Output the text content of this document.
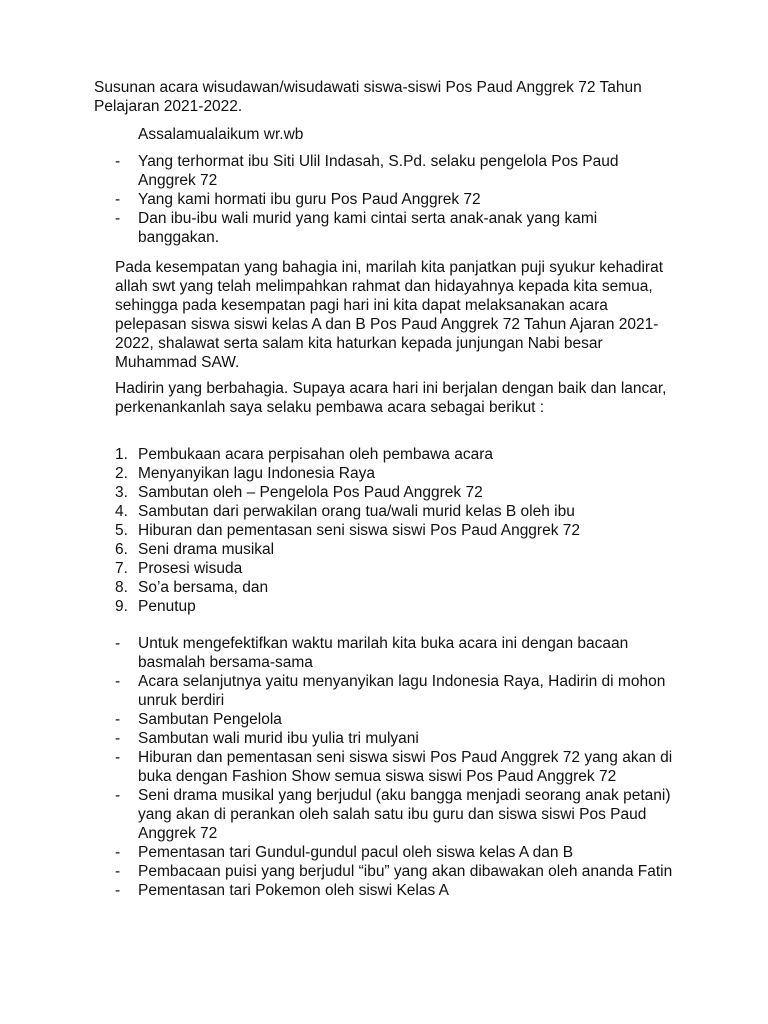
Susunan acara wisudawan/wisudawati siswa-siswi Pos Paud Anggrek 72 Tahun Pelajaran 2021-2022.
Assalamualaikum wr.wb
- Yang terhormat ibu Siti Ulil Indasah, S.Pd. selaku pengelola Pos Paud Anggrek 72
- Yang kami hormati ibu guru Pos Paud Anggrek 72
- Dan ibu-ibu wali murid yang kami cintai serta anak-anak yang kami banggakan.
Pada kesempatan yang bahagia ini, marilah kita panjatkan puji syukur kehadirat allah swt yang telah melimpahkan rahmat dan hidayahnya kepada kita semua, sehingga pada kesempatan pagi hari ini kita dapat melaksanakan acara pelepasan siswa siswi kelas A dan B Pos Paud Anggrek 72 Tahun Ajaran 2021-2022, shalawat serta salam kita haturkan kepada junjungan Nabi besar Muhammad SAW.
Hadirin yang berbahagia. Supaya acara hari ini berjalan dengan baik dan lancar, perkenankanlah saya selaku pembawa acara sebagai berikut :
1. Pembukaan acara perpisahan oleh pembawa acara
2. Menyanyikan lagu Indonesia Raya
3. Sambutan oleh – Pengelola Pos Paud Anggrek 72
4. Sambutan dari perwakilan orang tua/wali murid kelas B oleh ibu
5. Hiburan dan pementasan seni siswa siswi Pos Paud Anggrek 72
6. Seni drama musikal
7. Prosesi wisuda
8. So’a bersama, dan
9. Penutup
- Untuk mengefektifkan waktu marilah kita buka acara ini dengan bacaan basmalah bersama-sama
- Acara selanjutnya yaitu menyanyikan lagu Indonesia Raya, Hadirin di mohon unruk berdiri
- Sambutan Pengelola
- Sambutan wali murid ibu yulia tri mulyani
- Hiburan dan pementasan seni siswa siswi Pos Paud Anggrek 72 yang akan di buka dengan Fashion Show semua siswa siswi Pos Paud Anggrek 72
- Seni drama musikal yang berjudul (aku bangga menjadi seorang anak petani) yang akan di perankan oleh salah satu ibu guru dan siswa siswi Pos Paud Anggrek 72
- Pementasan tari Gundul-gundul pacul oleh siswa kelas A dan B
- Pembacaan puisi yang berjudul “ibu” yang akan dibawakan oleh ananda Fatin
- Pementasan tari Pokemon oleh siswi Kelas A
